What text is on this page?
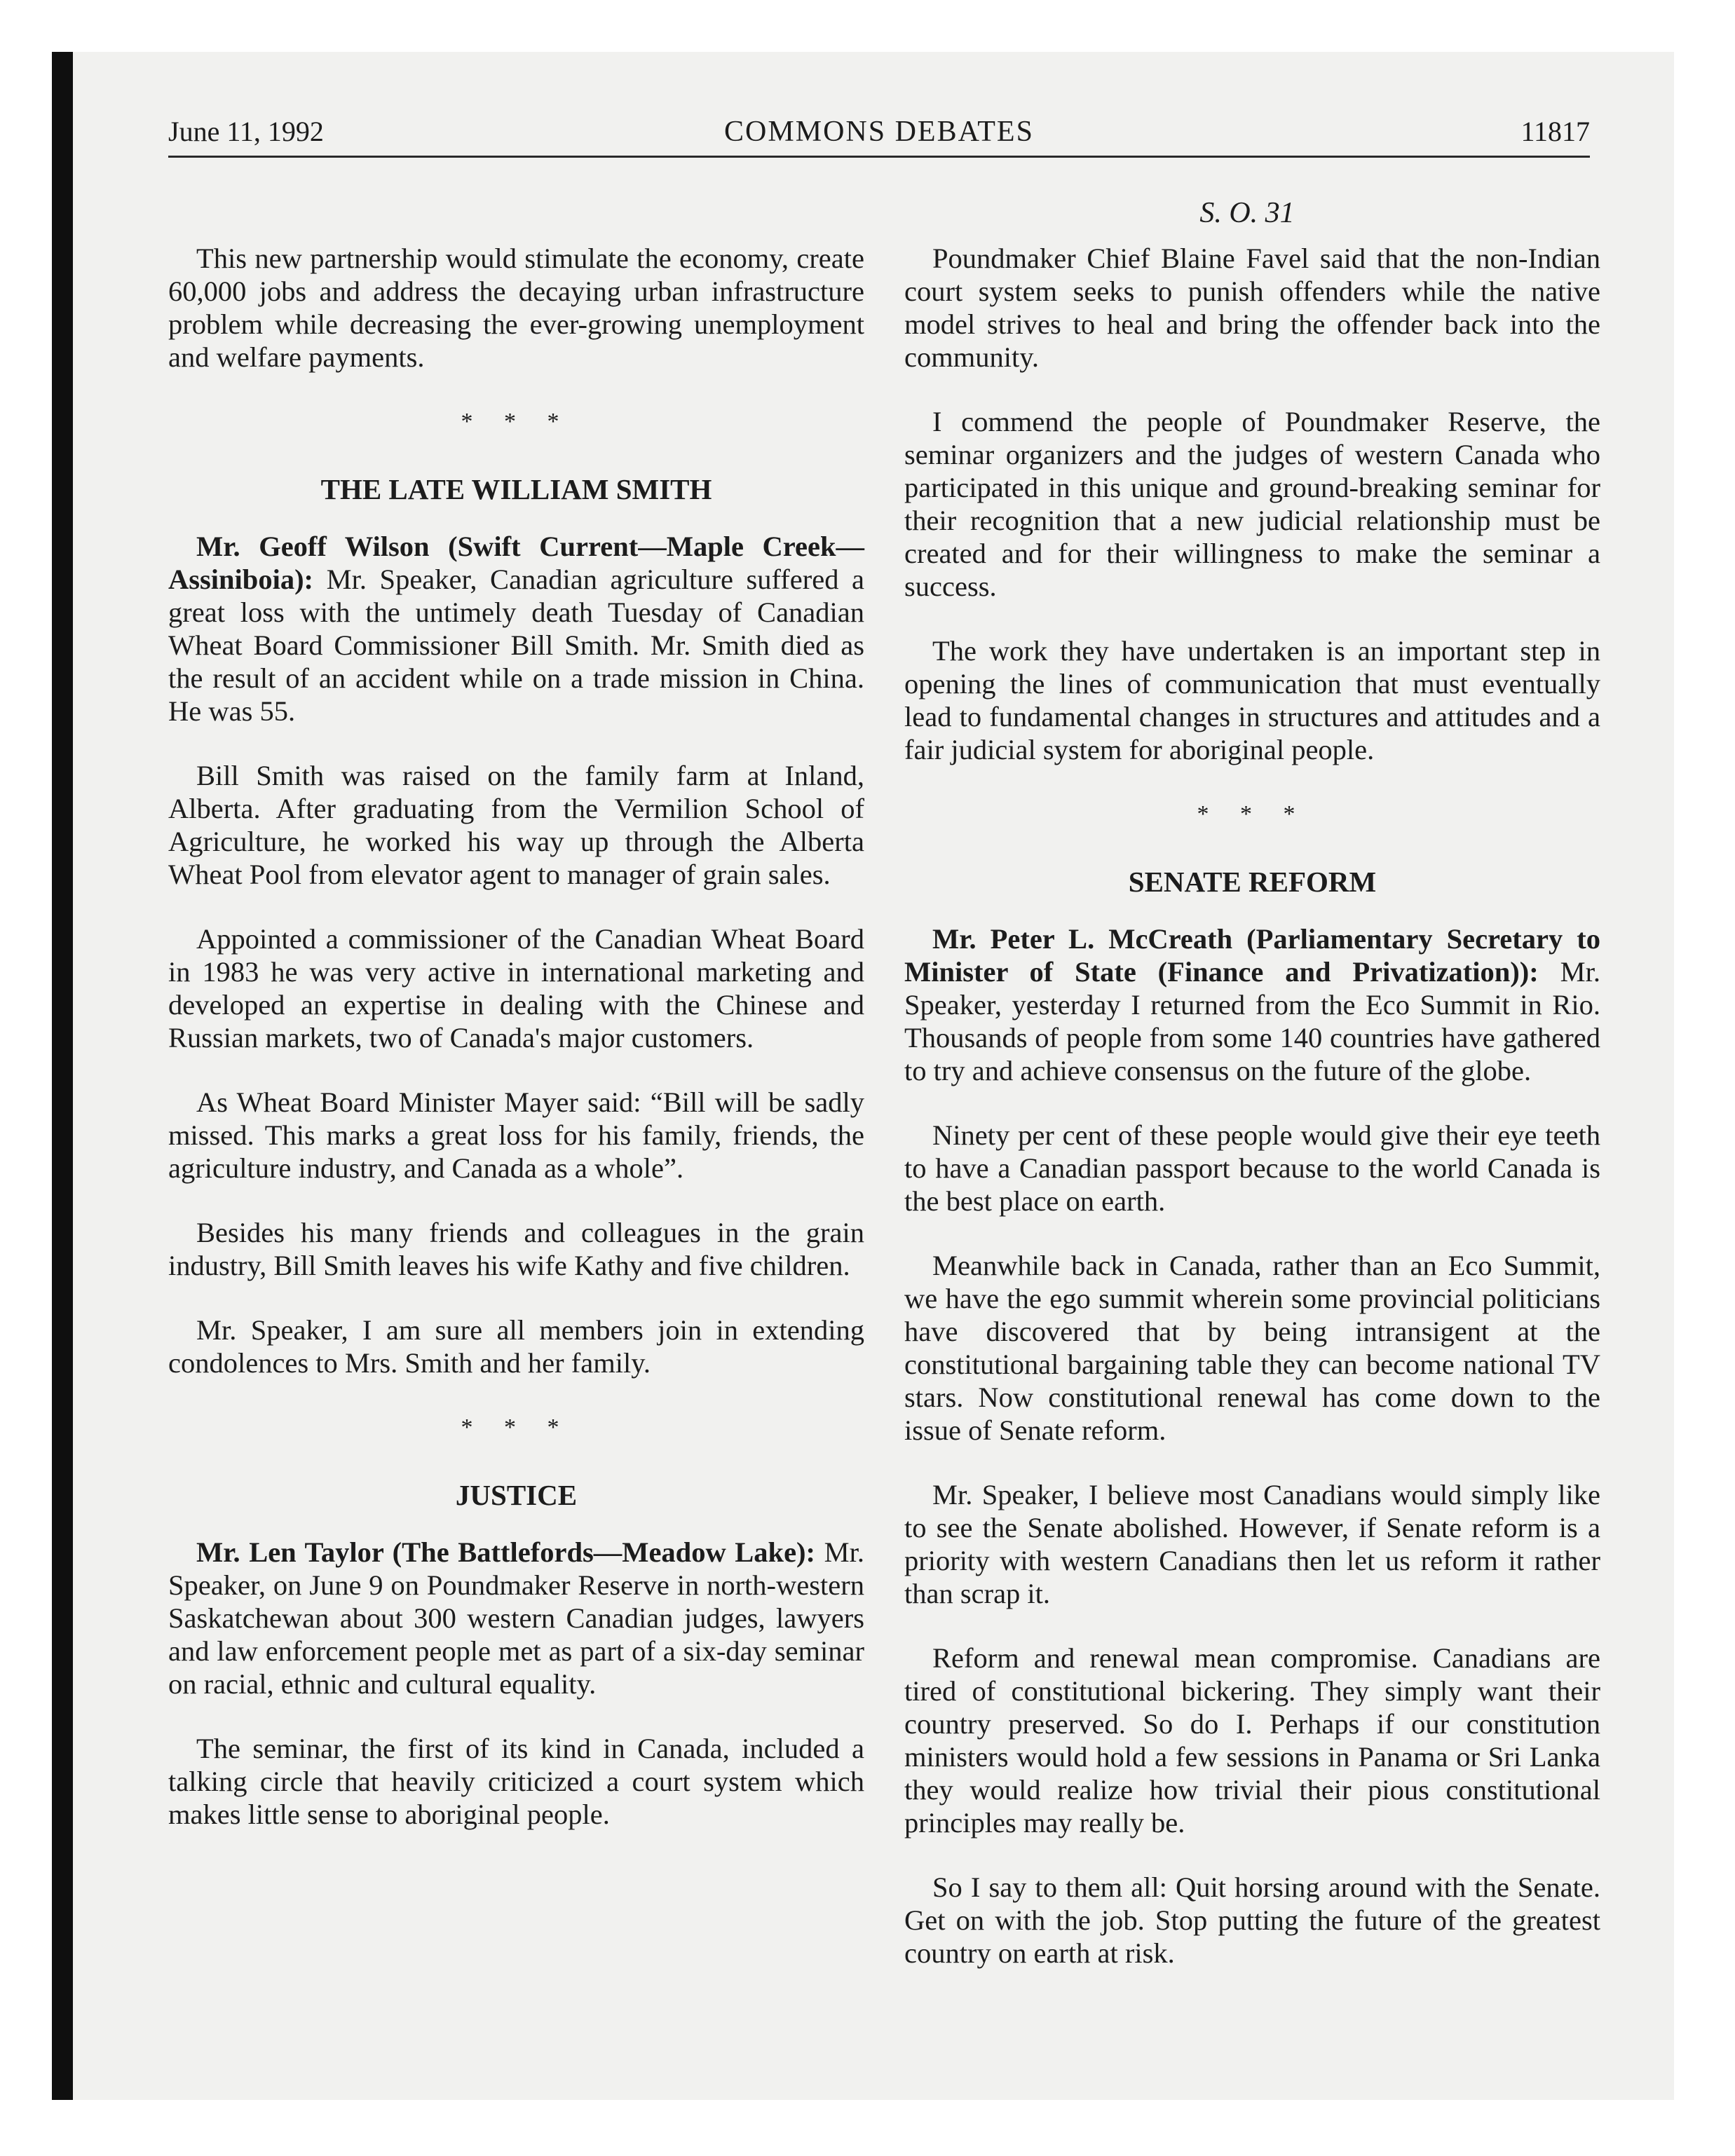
June 11, 1992	COMMONS DEBATES	11817
S. O. 31

This new partnership would stimulate the economy, create 60,000 jobs and address the decaying urban infrastructure problem while decreasing the ever-growing unemployment and welfare payments.

* * *
THE LATE WILLIAM SMITH

Mr. Geoff Wilson (Swift Current—Maple Creek—Assiniboia): Mr. Speaker, Canadian agriculture suffered a great loss with the untimely death Tuesday of Canadian Wheat Board Commissioner Bill Smith. Mr. Smith died as the result of an accident while on a trade mission in China. He was 55.

Bill Smith was raised on the family farm at Inland, Alberta. After graduating from the Vermilion School of Agriculture, he worked his way up through the Alberta Wheat Pool from elevator agent to manager of grain sales.

Appointed a commissioner of the Canadian Wheat Board in 1983 he was very active in international marketing and developed an expertise in dealing with the Chinese and Russian markets, two of Canada's major customers.

As Wheat Board Minister Mayer said: “Bill will be sadly missed. This marks a great loss for his family, friends, the agriculture industry, and Canada as a whole”.

Besides his many friends and colleagues in the grain industry, Bill Smith leaves his wife Kathy and five children.

Mr. Speaker, I am sure all members join in extending condolences to Mrs. Smith and her family.

* * *
JUSTICE

Mr. Len Taylor (The Battlefords—Meadow Lake): Mr. Speaker, on June 9 on Poundmaker Reserve in north-western Saskatchewan about 300 western Canadian judges, lawyers and law enforcement people met as part of a six-day seminar on racial, ethnic and cultural equality.

The seminar, the first of its kind in Canada, included a talking circle that heavily criticized a court system which makes little sense to aboriginal people.

Poundmaker Chief Blaine Favel said that the non-Indian court system seeks to punish offenders while the native model strives to heal and bring the offender back into the community.

I commend the people of Poundmaker Reserve, the seminar organizers and the judges of western Canada who participated in this unique and ground-breaking seminar for their recognition that a new judicial relationship must be created and for their willingness to make the seminar a success.

The work they have undertaken is an important step in opening the lines of communication that must eventually lead to fundamental changes in structures and attitudes and a fair judicial system for aboriginal people.

* * *
SENATE REFORM

Mr. Peter L. McCreath (Parliamentary Secretary to Minister of State (Finance and Privatization)): Mr. Speaker, yesterday I returned from the Eco Summit in Rio. Thousands of people from some 140 countries have gathered to try and achieve consensus on the future of the globe.

Ninety per cent of these people would give their eye teeth to have a Canadian passport because to the world Canada is the best place on earth.

Meanwhile back in Canada, rather than an Eco Summit, we have the ego summit wherein some provincial politicians have discovered that by being intransigent at the constitutional bargaining table they can become national TV stars. Now constitutional renewal has come down to the issue of Senate reform.

Mr. Speaker, I believe most Canadians would simply like to see the Senate abolished. However, if Senate reform is a priority with western Canadians then let us reform it rather than scrap it.

Reform and renewal mean compromise. Canadians are tired of constitutional bickering. They simply want their country preserved. So do I. Perhaps if our constitution ministers would hold a few sessions in Panama or Sri Lanka they would realize how trivial their pious constitutional principles may really be.

So I say to them all: Quit horsing around with the Senate. Get on with the job. Stop putting the future of the greatest country on earth at risk.
